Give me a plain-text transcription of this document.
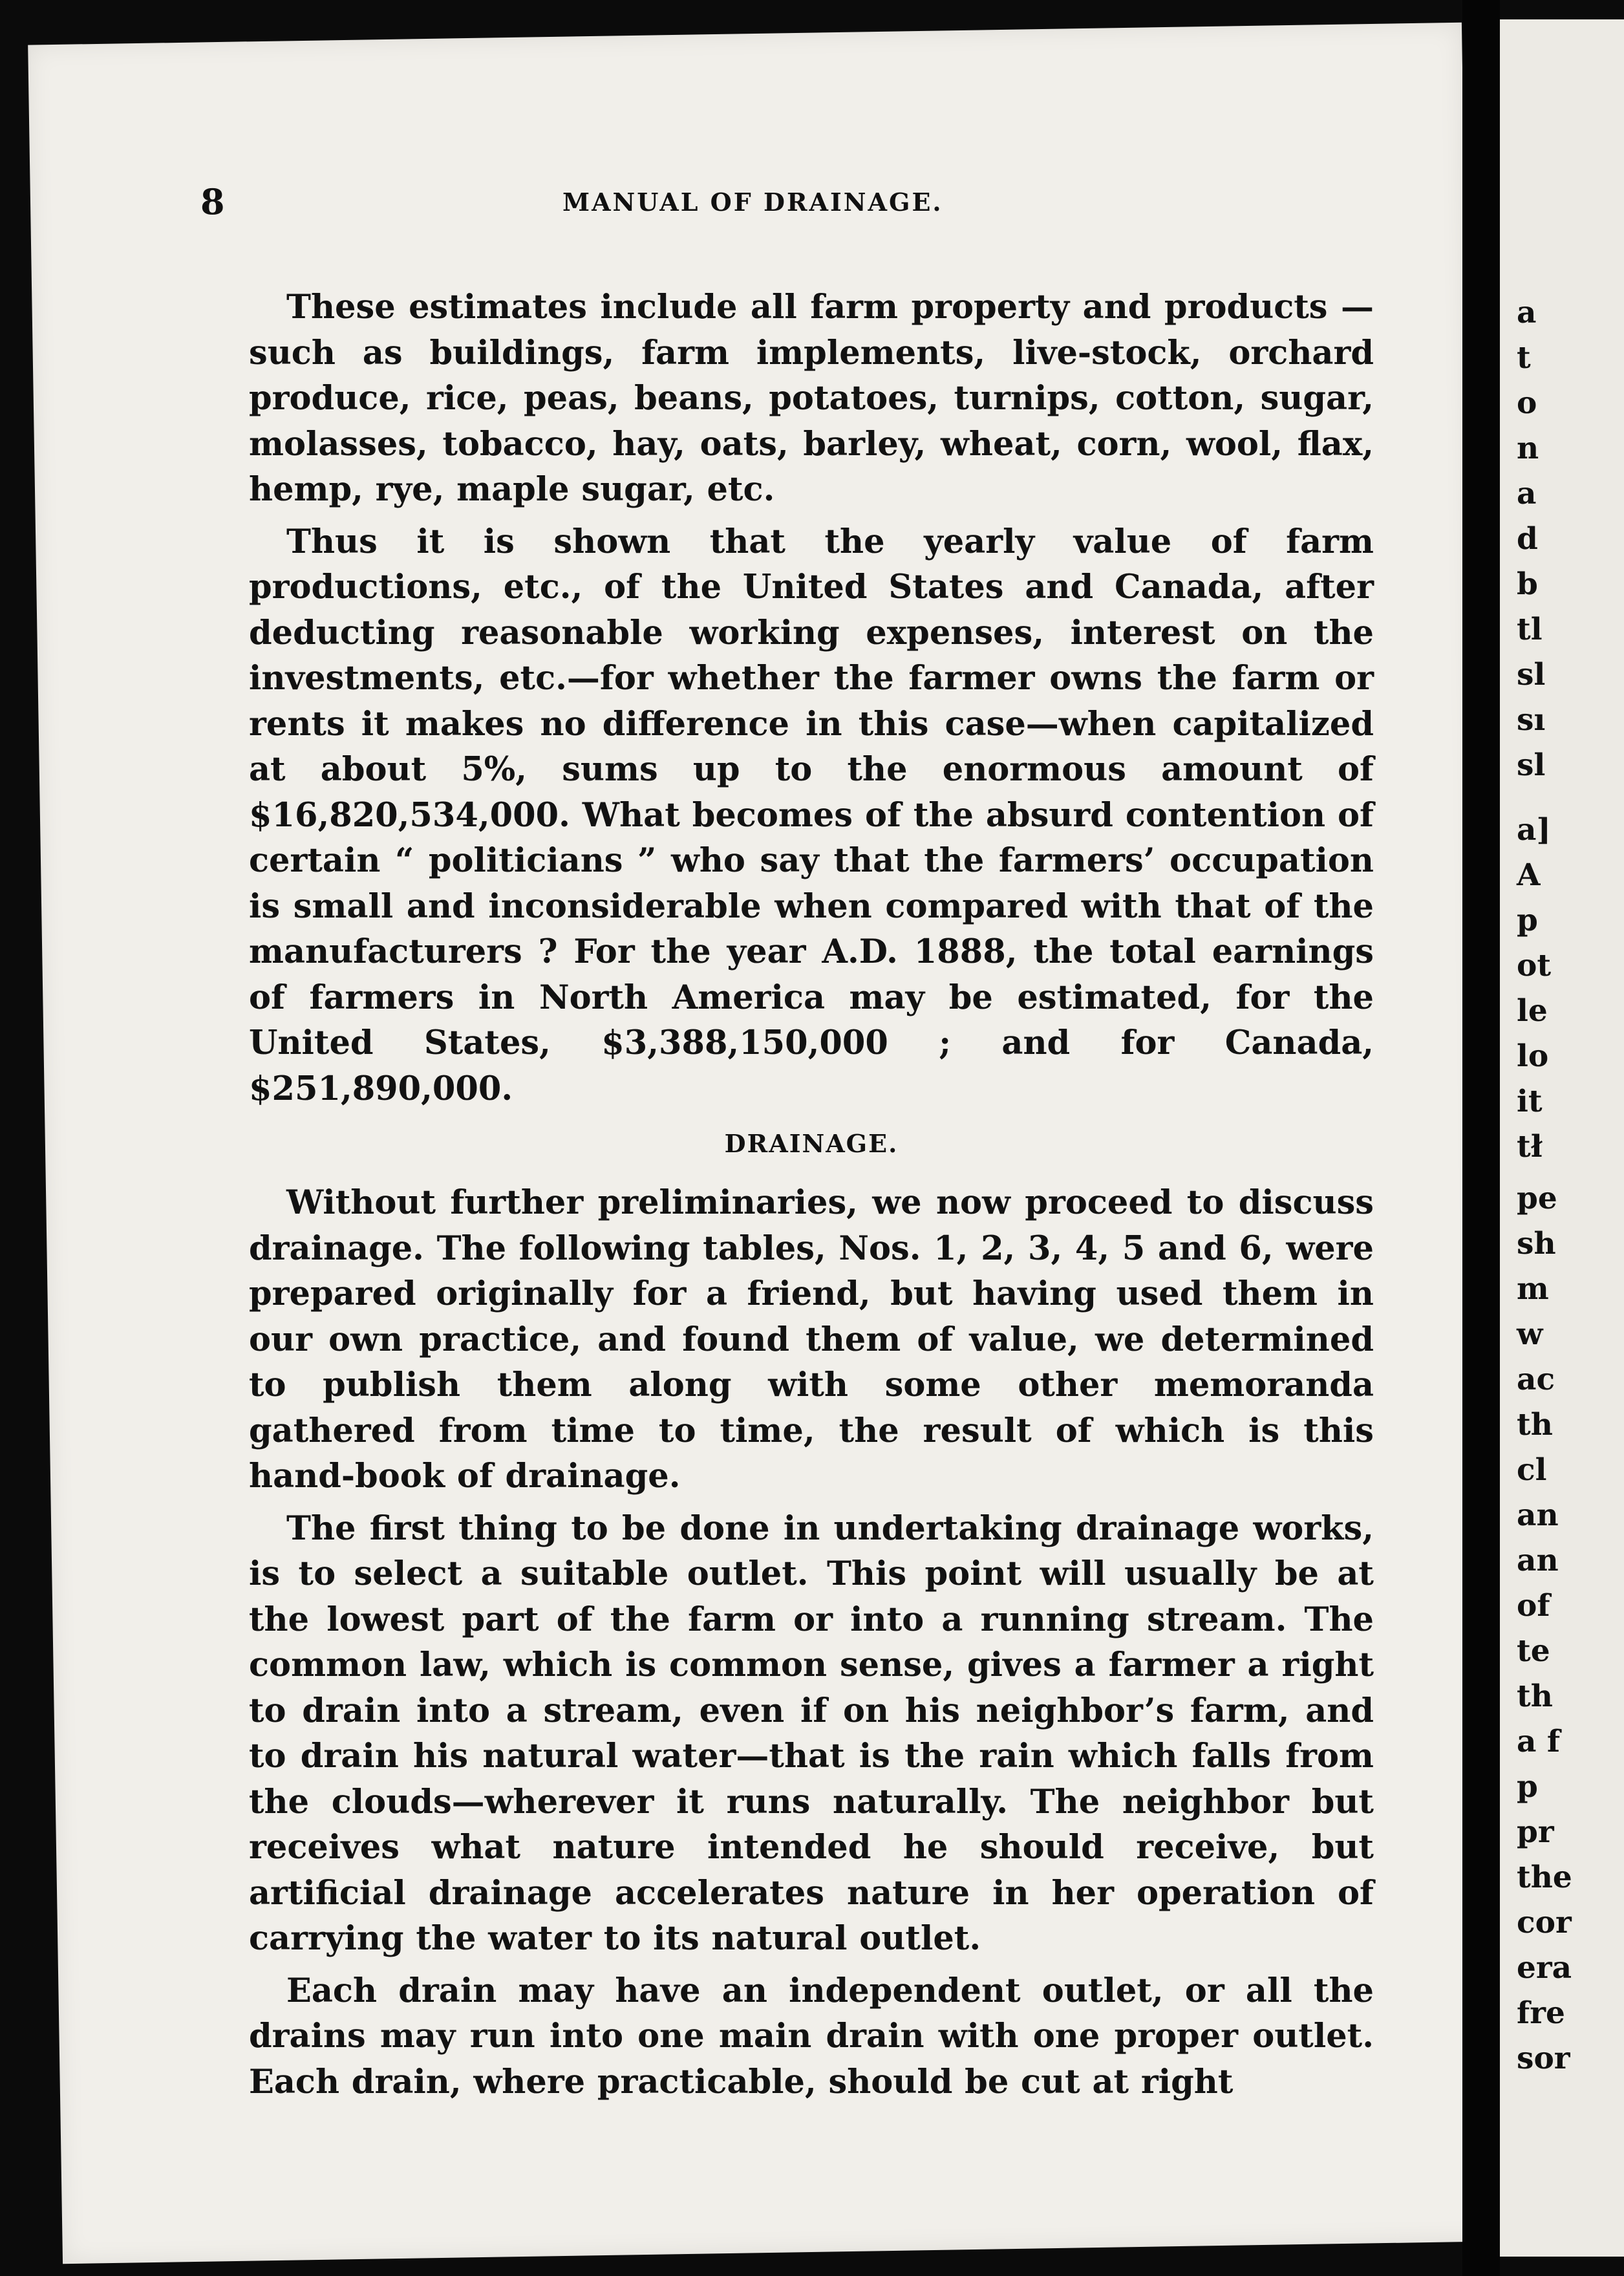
8	MANUAL OF DRAINAGE.

These estimates include all farm property and products —such as buildings, farm implements, live-stock, orchard produce, rice, peas, beans, potatoes, turnips, cotton, sugar, molasses, tobacco, hay, oats, barley, wheat, corn, wool, flax, hemp, rye, maple sugar, etc.

Thus it is shown that the yearly value of farm productions, etc., of the United States and Canada, after deducting reasonable working expenses, interest on the investments, etc.—for whether the farmer owns the farm or rents it makes no difference in this case—when capitalized at about 5%, sums up to the enormous amount of $16,820,534,000. What becomes of the absurd contention of certain “ politicians ” who say that the farmers’ occupation is small and inconsiderable when compared with that of the manufacturers ? For the year A.D. 1888, the total earnings of farmers in North America may be estimated, for the United States, $3,388,150,000 ; and for Canada, $251,890,000.

DRAINAGE.

Without further preliminaries, we now proceed to discuss drainage. The following tables, Nos. 1, 2, 3, 4, 5 and 6, were prepared originally for a friend, but having used them in our own practice, and found them of value, we determined to publish them along with some other memoranda gathered from time to time, the result of which is this hand-book of drainage.

The first thing to be done in undertaking drainage works, is to select a suitable outlet. This point will usually be at the lowest part of the farm or into a running stream. The common law, which is common sense, gives a farmer a right to drain into a stream, even if on his neighbor’s farm, and to drain his natural water—that is the rain which falls from the clouds—wherever it runs naturally. The neighbor but receives what nature intended he should receive, but artificial drainage accelerates nature in her operation of carrying the water to its natural outlet.

Each drain may have an independent outlet, or all the drains may run into one main drain with one proper outlet. Each drain, where practicable, should be cut at right

a
t
o
n
a
d
b
tl
sl
sı
sl
a]
A
p
ot
le
lo
it
tł
pe
sh
m
w
ac
th
cl
an
an
of
te
th
a f
p
pr
the
cor
era
fre
sor
